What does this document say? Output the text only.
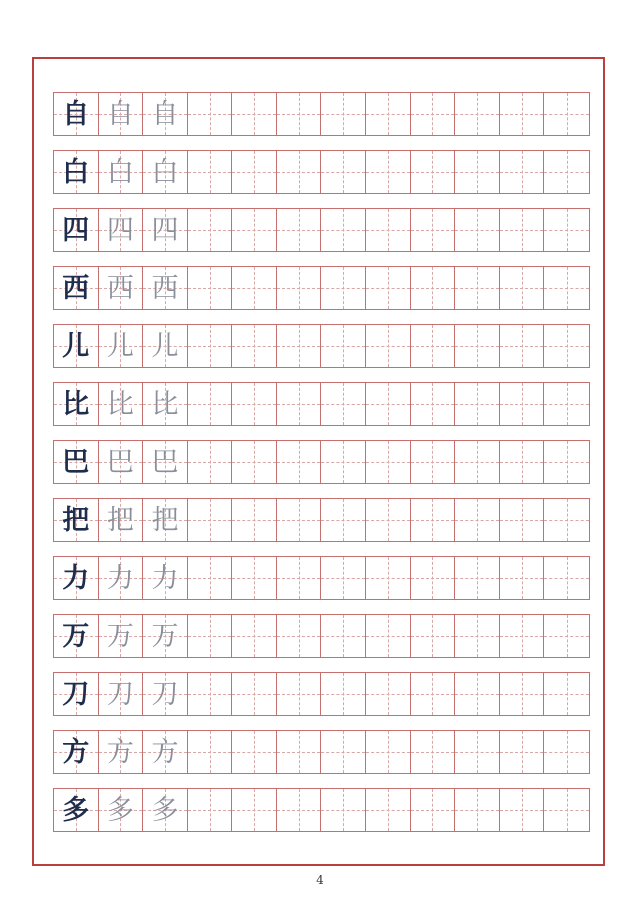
自 自 自
白 白 白
四 四 四
西 西 西
儿 儿 儿
比 比 比
巴 巴 巴
把 把 把
力 力 力
万 万 万
刀 刀 刀
方 方 方
多 多 多
4
